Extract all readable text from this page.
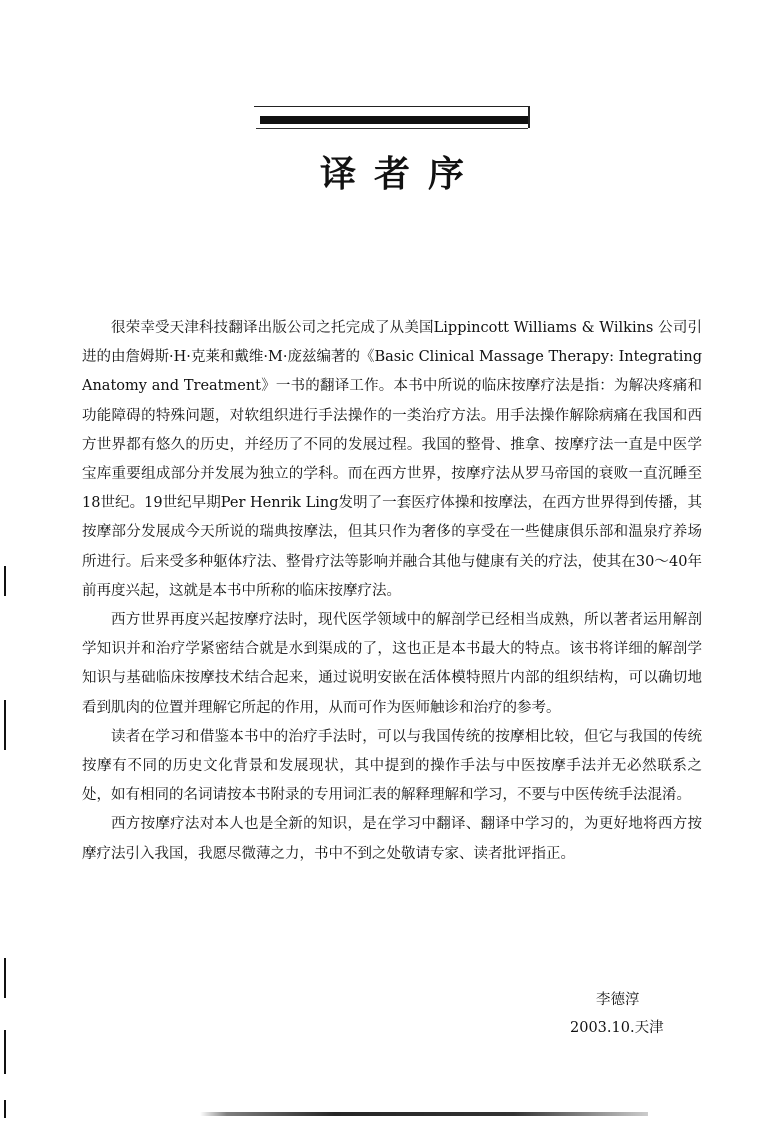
译者序

很荣幸受天津科技翻译出版公司之托完成了从美国Lippincott Williams & Wilkins 公司引进的由詹姆斯·H·克莱和戴维·M·庞兹编著的《Basic Clinical Massage Therapy: Integrating Anatomy and Treatment》一书的翻译工作。本书中所说的临床按摩疗法是指：为解决疼痛和功能障碍的特殊问题，对软组织进行手法操作的一类治疗方法。用手法操作解除病痛在我国和西方世界都有悠久的历史，并经历了不同的发展过程。我国的整骨、推拿、按摩疗法一直是中医学宝库重要组成部分并发展为独立的学科。而在西方世界，按摩疗法从罗马帝国的衰败一直沉睡至18世纪。19世纪早期Per Henrik Ling发明了一套医疗体操和按摩法，在西方世界得到传播，其按摩部分发展成今天所说的瑞典按摩法，但其只作为奢侈的享受在一些健康俱乐部和温泉疗养场所进行。后来受多种躯体疗法、整骨疗法等影响并融合其他与健康有关的疗法，使其在30～40年前再度兴起，这就是本书中所称的临床按摩疗法。

西方世界再度兴起按摩疗法时，现代医学领域中的解剖学已经相当成熟，所以著者运用解剖学知识并和治疗学紧密结合就是水到渠成的了，这也正是本书最大的特点。该书将详细的解剖学知识与基础临床按摩技术结合起来，通过说明安嵌在活体模特照片内部的组织结构，可以确切地看到肌肉的位置并理解它所起的作用，从而可作为医师触诊和治疗的参考。

读者在学习和借鉴本书中的治疗手法时，可以与我国传统的按摩相比较，但它与我国的传统按摩有不同的历史文化背景和发展现状，其中提到的操作手法与中医按摩手法并无必然联系之处，如有相同的名词请按本书附录的专用词汇表的解释理解和学习，不要与中医传统手法混淆。

西方按摩疗法对本人也是全新的知识，是在学习中翻译、翻译中学习的，为更好地将西方按摩疗法引入我国，我愿尽微薄之力，书中不到之处敬请专家、读者批评指正。

李德淳
2003.10.天津
